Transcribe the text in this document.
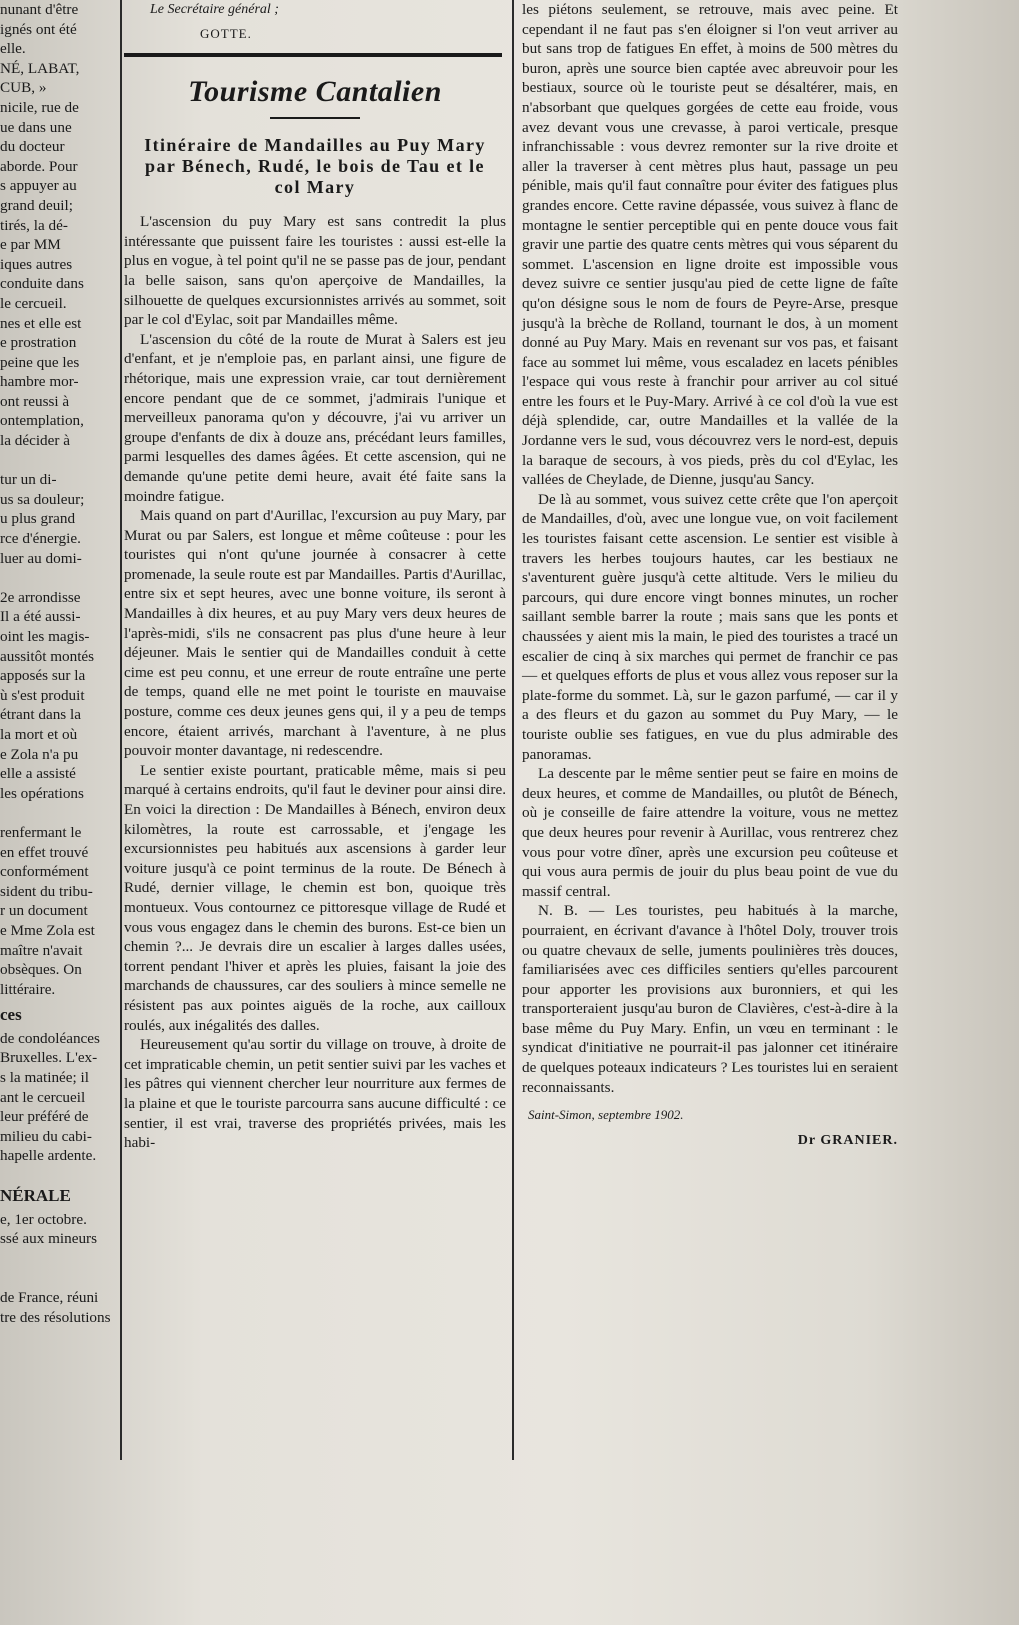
nunant d'être
ignés ont été
elle.
NÉ, LABAT,
CUB, »
nicile, rue de
ue dans une
du docteur
aborde. Pour
s appuyer au
grand deuil;
tirés, la dé-
e par MM
iques autres
conduite dans
le cercueil.
nes et elle est
e prostration
peine que les
hambre mor-
ont reussi à
ontemplation,
la décider à

tur un di-
us sa douleur;
u plus grand
rce d'énergie.
luer au domi-

2e arrondisse
Il a été aussi-
oint les magis-
aussitôt montés
apposés sur la
ù s'est produit
étrant dans la
la mort et où
e Zola n'a pu
elle a assisté
les opérations

renfermant le
en effet trouvé
conformément
sident du tribu-
r un document
e Mme Zola est
maître n'avait
obsèques. On
littéraire.
ces
de condoléances
Bruxelles. L'ex-
s la matinée; il
ant le cercueil
leur préféré de
milieu du cabi-
hapelle ardente.
NÉRALE
e, 1er octobre.
ssé aux mineurs

de France, réuni
tre des résolutions
Le Secrétaire général ;
GOTTE.
Tourisme Cantalien
Itinéraire de Mandailles au Puy Mary par Bénech, Rudé, le bois de Tau et le col Mary

L'ascension du puy Mary est sans contredit la plus intéressante que puissent faire les touristes : aussi est-elle la plus en vogue, à tel point qu'il ne se passe pas de jour, pendant la belle saison, sans qu'on aperçoive de Mandailles, la silhouette de quelques excursionnistes arrivés au sommet, soit par le col d'Eylac, soit par Mandailles même.

L'ascension du côté de la route de Murat à Salers est jeu d'enfant, et je n'emploie pas, en parlant ainsi, une figure de rhétorique, mais une expression vraie, car tout dernièrement encore pendant que de ce sommet, j'admirais l'unique et merveilleux panorama qu'on y découvre, j'ai vu arriver un groupe d'enfants de dix à douze ans, précédant leurs familles, parmi lesquelles des dames âgées. Et cette ascension, qui ne demande qu'une petite demi heure, avait été faite sans la moindre fatigue.

Mais quand on part d'Aurillac, l'excursion au puy Mary, par Murat ou par Salers, est longue et même coûteuse : pour les touristes qui n'ont qu'une journée à consacrer à cette promenade, la seule route est par Mandailles. Partis d'Aurillac, entre six et sept heures, avec une bonne voiture, ils seront à Mandailles à dix heures, et au puy Mary vers deux heures de l'après-midi, s'ils ne consacrent pas plus d'une heure à leur déjeuner. Mais le sentier qui de Mandailles conduit à cette cime est peu connu, et une erreur de route entraîne une perte de temps, quand elle ne met point le touriste en mauvaise posture, comme ces deux jeunes gens qui, il y a peu de temps encore, étaient arrivés, marchant à l'aventure, à ne plus pouvoir monter davantage, ni redescendre.

Le sentier existe pourtant, praticable même, mais si peu marqué à certains endroits, qu'il faut le deviner pour ainsi dire. En voici la direction : De Mandailles à Bénech, environ deux kilomètres, la route est carrossable, et j'engage les excursionnistes peu habitués aux ascensions à garder leur voiture jusqu'à ce point terminus de la route. De Bénech à Rudé, dernier village, le chemin est bon, quoique très montueux. Vous contournez ce pittoresque village de Rudé et vous vous engagez dans le chemin des burons. Est-ce bien un chemin ?... Je devrais dire un escalier à larges dalles usées, torrent pendant l'hiver et après les pluies, faisant la joie des marchands de chaussures, car des souliers à mince semelle ne résistent pas aux pointes aiguës de la roche, aux cailloux roulés, aux inégalités des dalles.

Heureusement qu'au sortir du village on trouve, à droite de cet impraticable chemin, un petit sentier suivi par les vaches et les pâtres qui viennent chercher leur nourriture aux fermes de la plaine et que le touriste parcourra sans aucune difficulté : ce sentier, il est vrai, traverse des propriétés privées, mais les habi-

les piétons seulement, se retrouve, mais avec peine. Et cependant il ne faut pas s'en éloigner si l'on veut arriver au but sans trop de fatigues En effet, à moins de 500 mètres du buron, après une source bien captée avec abreuvoir pour les bestiaux, source où le touriste peut se désaltérer, mais, en n'absorbant que quelques gorgées de cette eau froide, vous avez devant vous une crevasse, à paroi verticale, presque infranchissable : vous devrez remonter sur la rive droite et aller la traverser à cent mètres plus haut, passage un peu pénible, mais qu'il faut connaître pour éviter des fatigues plus grandes encore. Cette ravine dépassée, vous suivez à flanc de montagne le sentier perceptible qui en pente douce vous fait gravir une partie des quatre cents mètres qui vous séparent du sommet. L'ascension en ligne droite est impossible vous devez suivre ce sentier jusqu'au pied de cette ligne de faîte qu'on désigne sous le nom de fours de Peyre-Arse, presque jusqu'à la brèche de Rolland, tournant le dos, à un moment donné au Puy Mary. Mais en revenant sur vos pas, et faisant face au sommet lui même, vous escaladez en lacets pénibles l'espace qui vous reste à franchir pour arriver au col situé entre les fours et le Puy-Mary. Arrivé à ce col d'où la vue est déjà splendide, car, outre Mandailles et la vallée de la Jordanne vers le sud, vous découvrez vers le nord-est, depuis la baraque de secours, à vos pieds, près du col d'Eylac, les vallées de Cheylade, de Dienne, jusqu'au Sancy.

De là au sommet, vous suivez cette crête que l'on aperçoit de Mandailles, d'où, avec une longue vue, on voit facilement les touristes faisant cette ascension. Le sentier est visible à travers les herbes toujours hautes, car les bestiaux ne s'aventurent guère jusqu'à cette altitude. Vers le milieu du parcours, qui dure encore vingt bonnes minutes, un rocher saillant semble barrer la route ; mais sans que les ponts et chaussées y aient mis la main, le pied des touristes a tracé un escalier de cinq à six marches qui permet de franchir ce pas — et quelques efforts de plus et vous allez vous reposer sur la plate-forme du sommet. Là, sur le gazon parfumé, — car il y a des fleurs et du gazon au sommet du Puy Mary, — le touriste oublie ses fatigues, en vue du plus admirable des panoramas.

La descente par le même sentier peut se faire en moins de deux heures, et comme de Mandailles, ou plutôt de Bénech, où je conseille de faire attendre la voiture, vous ne mettez que deux heures pour revenir à Aurillac, vous rentrerez chez vous pour votre dîner, après une excursion peu coûteuse et qui vous aura permis de jouir du plus beau point de vue du massif central.

N. B. — Les touristes, peu habitués à la marche, pourraient, en écrivant d'avance à l'hôtel Doly, trouver trois ou quatre chevaux de selle, juments poulinières très douces, familiarisées avec ces difficiles sentiers qu'elles parcourent pour apporter les provisions aux buronniers, et qui les transporteraient jusqu'au buron de Clavières, c'est-à-dire à la base même du Puy Mary. Enfin, un vœu en terminant : le syndicat d'initiative ne pourrait-il pas jalonner cet itinéraire de quelques poteaux indicateurs ? Les touristes lui en seraient reconnaissants.

Saint-Simon, septembre 1902.
Dr GRANIER.
